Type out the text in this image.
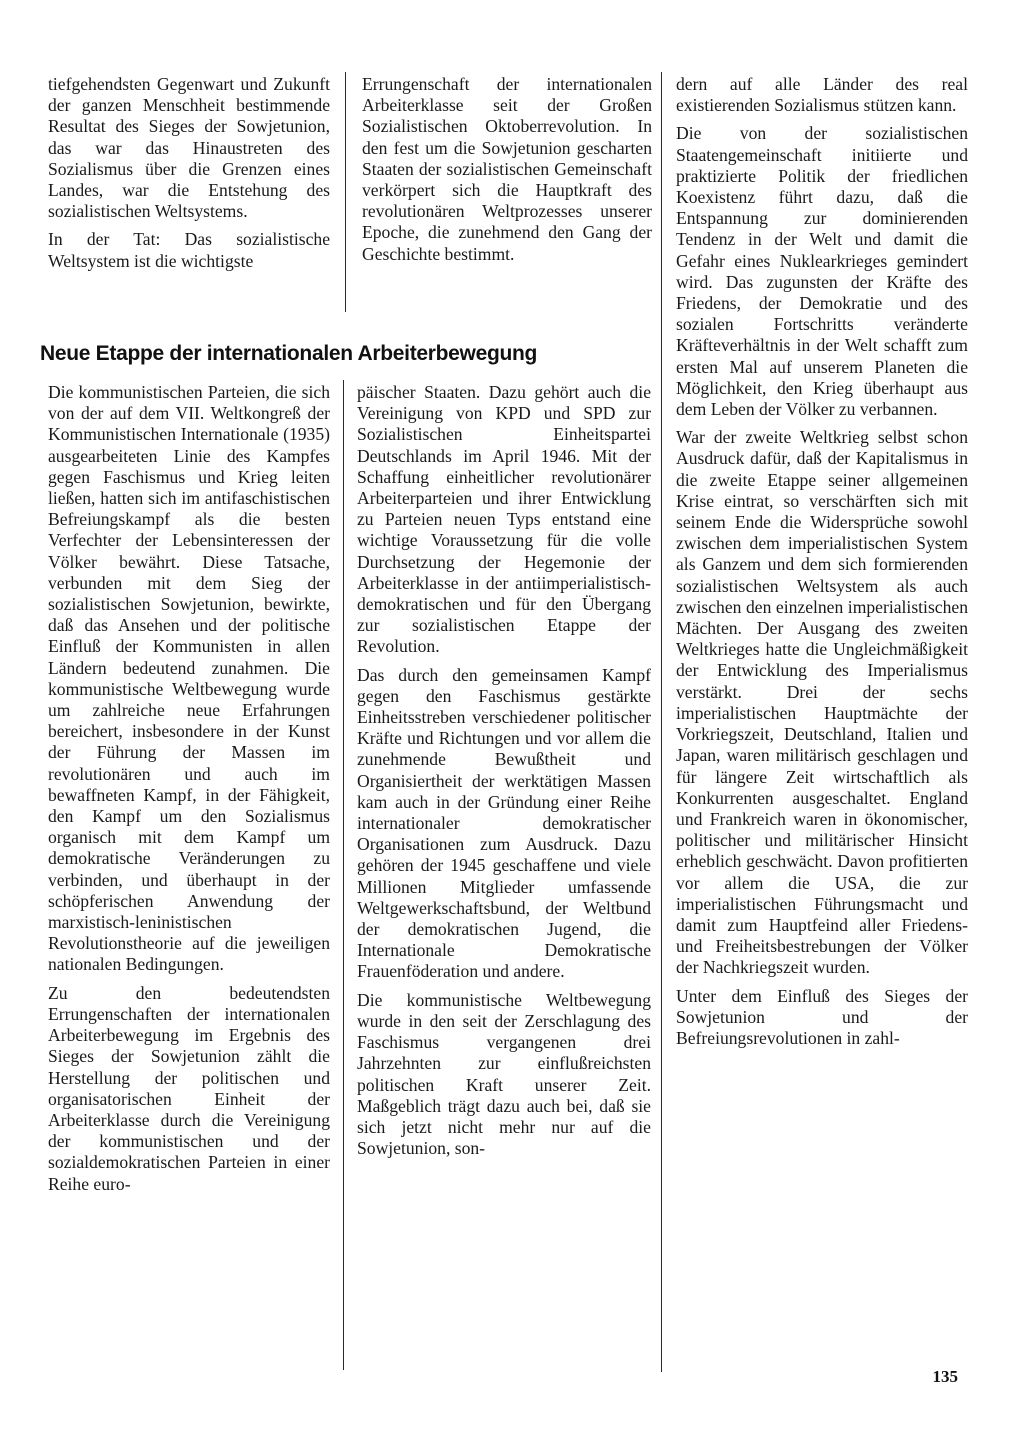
tiefgehendsten Gegenwart und Zukunft der ganzen Menschheit bestimmende Resultat des Sieges der Sowjetunion, das war das Hinaustreten des Sozialismus über die Grenzen eines Landes, war die Entstehung des sozialistischen Weltsystems.

In der Tat: Das sozialistische Weltsystem ist die wichtigste

Errungenschaft der internationalen Arbeiterklasse seit der Großen Sozialistischen Oktoberrevolution. In den fest um die Sowjetunion gescharten Staaten der sozialistischen Gemeinschaft verkörpert sich die Hauptkraft des revolutionären Weltprozesses unserer Epoche, die zunehmend den Gang der Geschichte bestimmt.

Neue Etappe der internationalen Arbeiterbewegung

Die kommunistischen Parteien, die sich von der auf dem VII. Weltkongreß der Kommunistischen Internationale (1935) ausgearbeiteten Linie des Kampfes gegen Faschismus und Krieg leiten ließen, hatten sich im antifaschistischen Befreiungskampf als die besten Verfechter der Lebensinteressen der Völker bewährt. Diese Tatsache, verbunden mit dem Sieg der sozialistischen Sowjetunion, bewirkte, daß das Ansehen und der politische Einfluß der Kommunisten in allen Ländern bedeutend zunahmen. Die kommunistische Weltbewegung wurde um zahlreiche neue Erfahrungen bereichert, insbesondere in der Kunst der Führung der Massen im revolutionären und auch im bewaffneten Kampf, in der Fähigkeit, den Kampf um den Sozialismus organisch mit dem Kampf um demokratische Veränderungen zu verbinden, und überhaupt in der schöpferischen Anwendung der marxistisch-leninistischen Revolutionstheorie auf die jeweiligen nationalen Bedingungen.

Zu den bedeutendsten Errungenschaften der internationalen Arbeiterbewegung im Ergebnis des Sieges der Sowjetunion zählt die Herstellung der politischen und organisatorischen Einheit der Arbeiterklasse durch die Vereinigung der kommunistischen und der sozialdemokratischen Parteien in einer Reihe euro-

päischer Staaten. Dazu gehört auch die Vereinigung von KPD und SPD zur Sozialistischen Einheitspartei Deutschlands im April 1946. Mit der Schaffung einheitlicher revolutionärer Arbeiterparteien und ihrer Entwicklung zu Parteien neuen Typs entstand eine wichtige Voraussetzung für die volle Durchsetzung der Hegemonie der Arbeiterklasse in der antiimperialistisch-demokratischen und für den Übergang zur sozialistischen Etappe der Revolution.

Das durch den gemeinsamen Kampf gegen den Faschismus gestärkte Einheitsstreben verschiedener politischer Kräfte und Richtungen und vor allem die zunehmende Bewußtheit und Organisiertheit der werktätigen Massen kam auch in der Gründung einer Reihe internationaler demokratischer Organisationen zum Ausdruck. Dazu gehören der 1945 geschaffene und viele Millionen Mitglieder umfassende Weltgewerkschaftsbund, der Weltbund der demokratischen Jugend, die Internationale Demokratische Frauenföderation und andere.

Die kommunistische Weltbewegung wurde in den seit der Zerschlagung des Faschismus vergangenen drei Jahrzehnten zur einflußreichsten politischen Kraft unserer Zeit. Maßgeblich trägt dazu auch bei, daß sie sich jetzt nicht mehr nur auf die Sowjetunion, son-

dern auf alle Länder des real existierenden Sozialismus stützen kann.

Die von der sozialistischen Staatengemeinschaft initiierte und praktizierte Politik der friedlichen Koexistenz führt dazu, daß die Entspannung zur dominierenden Tendenz in der Welt und damit die Gefahr eines Nuklearkrieges gemindert wird. Das zugunsten der Kräfte des Friedens, der Demokratie und des sozialen Fortschritts veränderte Kräfteverhältnis in der Welt schafft zum ersten Mal auf unserem Planeten die Möglichkeit, den Krieg überhaupt aus dem Leben der Völker zu verbannen.

War der zweite Weltkrieg selbst schon Ausdruck dafür, daß der Kapitalismus in die zweite Etappe seiner allgemeinen Krise eintrat, so verschärften sich mit seinem Ende die Widersprüche sowohl zwischen dem imperialistischen System als Ganzem und dem sich formierenden sozialistischen Weltsystem als auch zwischen den einzelnen imperialistischen Mächten. Der Ausgang des zweiten Weltkrieges hatte die Ungleichmäßigkeit der Entwicklung des Imperialismus verstärkt. Drei der sechs imperialistischen Hauptmächte der Vorkriegszeit, Deutschland, Italien und Japan, waren militärisch geschlagen und für längere Zeit wirtschaftlich als Konkurrenten ausgeschaltet. England und Frankreich waren in ökonomischer, politischer und militärischer Hinsicht erheblich geschwächt. Davon profitierten vor allem die USA, die zur imperialistischen Führungsmacht und damit zum Hauptfeind aller Friedens- und Freiheitsbestrebungen der Völker der Nachkriegszeit wurden.

Unter dem Einfluß des Sieges der Sowjetunion und der Befreiungsrevolutionen in zahl-

135
